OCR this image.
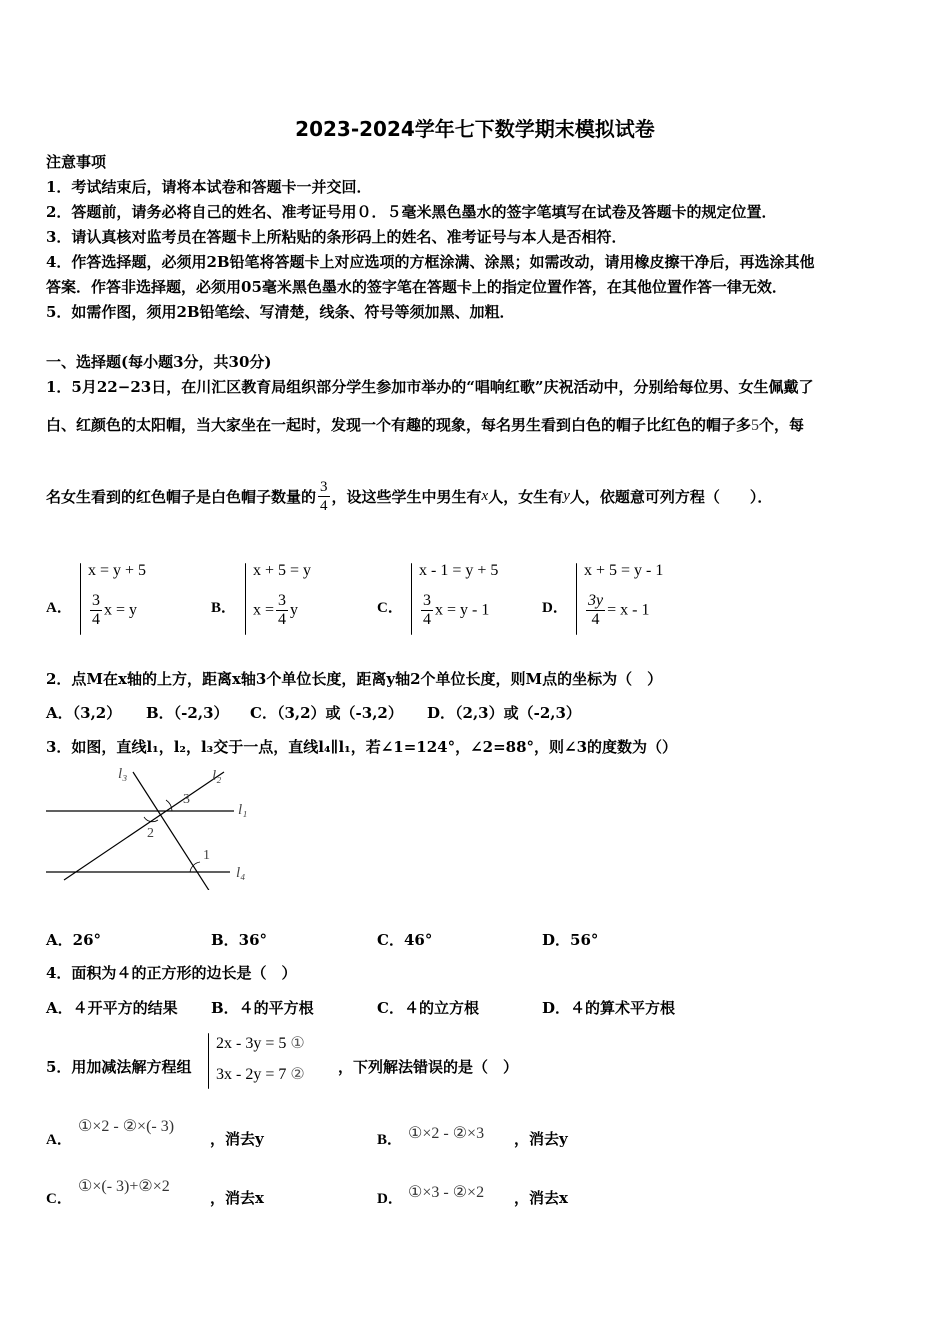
2023-2024学年七下数学期末模拟试卷
注意事项
1．考试结束后，请将本试卷和答题卡一并交回．
2．答题前，请务必将自己的姓名、准考证号用０．５毫米黑色墨水的签字笔填写在试卷及答题卡的规定位置．
3．请认真核对监考员在答题卡上所粘贴的条形码上的姓名、准考证号与本人是否相符．
4．作答选择题，必须用2B铅笔将答题卡上对应选项的方框涂满、涂黑；如需改动，请用橡皮擦干净后，再选涂其他
答案．作答非选择题，必须用05毫米黑色墨水的签字笔在答题卡上的指定位置作答，在其他位置作答一律无效．
5．如需作图，须用2B铅笔绘、写清楚，线条、符号等须加黑、加粗．
一、选择题(每小题3分，共30分)
1．5月22−23日，在川汇区教育局组织部分学生参加市举办的“唱响红歌”庆祝活动中，分别给每位男、女生佩戴了
白、红颜色的太阳帽，当大家坐在一起时，发现一个有趣的现象，每名男生看到白色的帽子比红色的帽子多5个，每
名女生看到的红色帽子是白色帽子数量的 $\frac{3}{4}$ ，设这些学生中男生有x人，女生有y人，依题意可列方程（　　）．
A．
x = y + 5
$\frac{3}{4}$ x = y	B．
x + 5 = y
$x = \frac{3}{4}$ y	C．
x - 1 = y + 5
$\frac{3}{4}$ x = y - 1	D．
x + 5 = y - 1
$\frac{3y}{4} = x - 1$
2．点M在x轴的上方，距离x轴3个单位长度，距离y轴2个单位长度，则M点的坐标为（　）
A．（3,2） B．（-2,3） C．（3,2）或（-3,2） D．（2,3）或（-2,3）
3．如图，直线l₁，l₂，l₃交于一点，直线l₄∥l₁，若∠1=124°，∠2=88°，则∠3的度数为（）
l₃	l₂
l₁
l₄
3
2
1
A．26°	B．36°	C．46°	D．56°
4．面积为４的正方形的边长是（　）
A．４开平方的结果 B．４的平方根	C．４的立方根	D．４的算术平方根
5．用加减法解方程组
2x - 3y = 5 ①
3x - 2y = 7 ② ，下列解法错误的是（　）
A．
①×2 - ②×(- 3)
，消去y	B． ①×2 - ②×3 ，消去y
C．
①×(- 3)+②×2
，消去x	D． ①×3 - ②×2 ，消去x
